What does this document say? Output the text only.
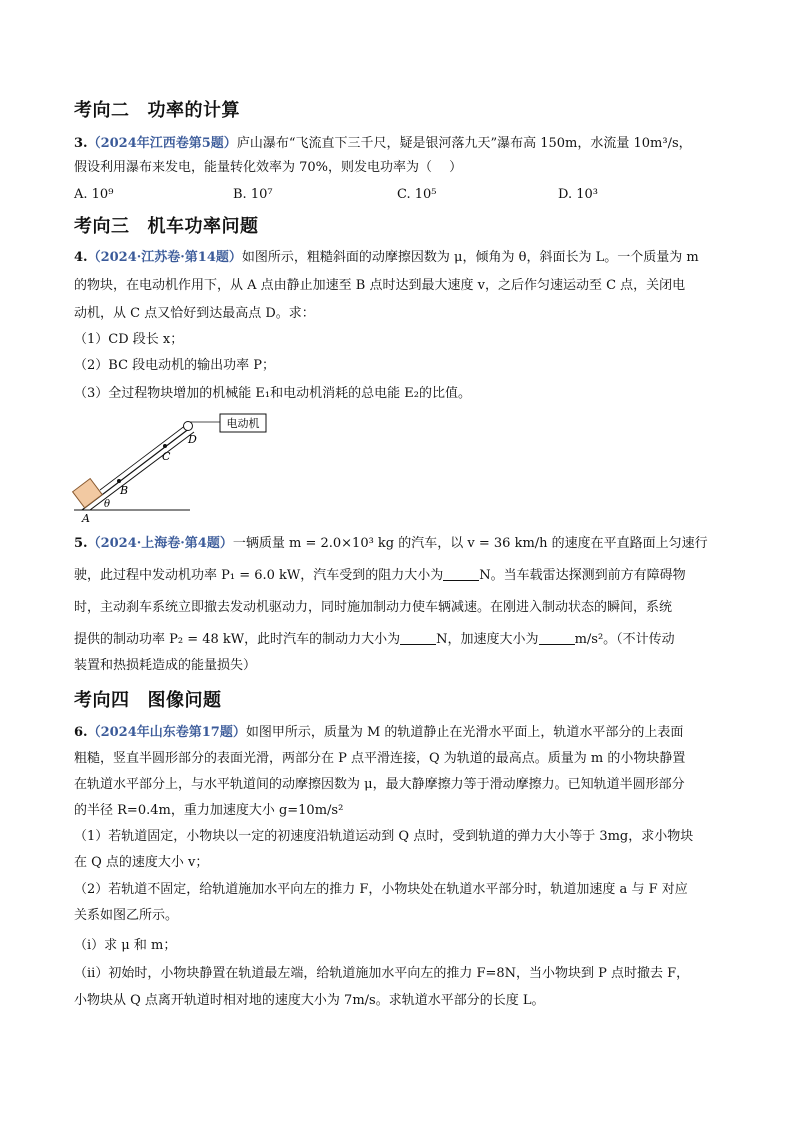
考向二 功率的计算
3.（2024年江西卷第5题）庐山瀑布“飞流直下三千尺，疑是银河落九天”瀑布高 150m，水流量 10m³/s，
假设利用瀑布来发电，能量转化效率为 70%，则发电功率为（　 ）
A. 10⁹	B. 10⁷	C. 10⁵	D. 10³
考向三 机车功率问题
4.（2024·江苏卷·第14题）如图所示，粗糙斜面的动摩擦因数为 μ，倾角为 θ，斜面长为 L。一个质量为 m
的物块，在电动机作用下，从 A 点由静止加速至 B 点时达到最大速度 v，之后作匀速运动至 C 点，关闭电
动机，从 C 点又恰好到达最高点 D。求：
（1）CD 段长 x；
（2）BC 段电动机的输出功率 P；
（3）全过程物块增加的机械能 E₁和电动机消耗的总电能 E₂的比值。
电动机
A
B
C
D
θ
5.（2024·上海卷·第4题）一辆质量 m = 2.0×10³ kg 的汽车，以 v = 36 km/h 的速度在平直路面上匀速行
驶，此过程中发动机功率 P₁ = 6.0 kW，汽车受到的阻力大小为	N。当车载雷达探测到前方有障碍物
时，主动刹车系统立即撤去发动机驱动力，同时施加制动力使车辆减速。在刚进入制动状态的瞬间，系统
提供的制动功率 P₂ = 48 kW，此时汽车的制动力大小为	N，加速度大小为	m/s²。（不计传动
装置和热损耗造成的能量损失）
考向四 图像问题
6.（2024年山东卷第17题）如图甲所示，质量为 M 的轨道静止在光滑水平面上，轨道水平部分的上表面
粗糙，竖直半圆形部分的表面光滑，两部分在 P 点平滑连接，Q 为轨道的最高点。质量为 m 的小物块静置
在轨道水平部分上，与水平轨道间的动摩擦因数为 μ，最大静摩擦力等于滑动摩擦力。已知轨道半圆形部分
的半径 R=0.4m，重力加速度大小 g=10m/s²
（1）若轨道固定，小物块以一定的初速度沿轨道运动到 Q 点时，受到轨道的弹力大小等于 3mg，求小物块
在 Q 点的速度大小 v；
（2）若轨道不固定，给轨道施加水平向左的推力 F，小物块处在轨道水平部分时，轨道加速度 a 与 F 对应
关系如图乙所示。
（i）求 μ 和 m；
（ii）初始时，小物块静置在轨道最左端，给轨道施加水平向左的推力 F=8N，当小物块到 P 点时撤去 F，
小物块从 Q 点离开轨道时相对地的速度大小为 7m/s。求轨道水平部分的长度 L。
